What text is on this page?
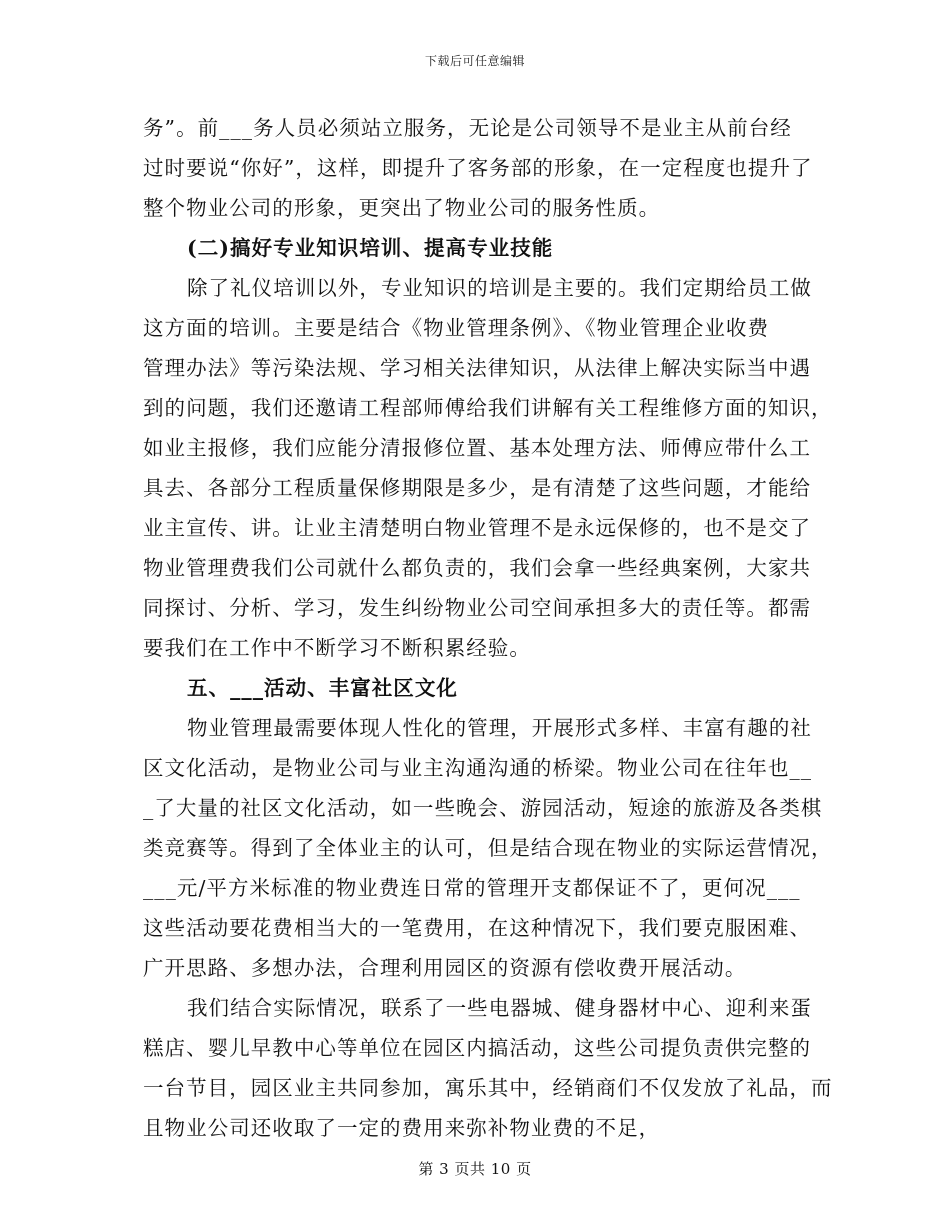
下载后可任意编辑
务”。前___务人员必须站立服务，无论是公司领导不是业主从前台经
过时要说“你好”，这样，即提升了客务部的形象，在一定程度也提升了
整个物业公司的形象，更突出了物业公司的服务性质。
(二)搞好专业知识培训、提高专业技能
除了礼仪培训以外，专业知识的培训是主要的。我们定期给员工做
这方面的培训。主要是结合《物业管理条例》、《物业管理企业收费
管理办法》等污染法规、学习相关法律知识，从法律上解决实际当中遇
到的问题，我们还邀请工程部师傅给我们讲解有关工程维修方面的知识，
如业主报修，我们应能分清报修位置、基本处理方法、师傅应带什么工
具去、各部分工程质量保修期限是多少，是有清楚了这些问题，才能给
业主宣传、讲。让业主清楚明白物业管理不是永远保修的，也不是交了
物业管理费我们公司就什么都负责的，我们会拿一些经典案例，大家共
同探讨、分析、学习，发生纠纷物业公司空间承担多大的责任等。都需
要我们在工作中不断学习不断积累经验。
五、___活动、丰富社区文化
物业管理最需要体现人性化的管理，开展形式多样、丰富有趣的社
区文化活动，是物业公司与业主沟通沟通的桥梁。物业公司在往年也__
_了大量的社区文化活动，如一些晚会、游园活动，短途的旅游及各类棋
类竞赛等。得到了全体业主的认可，但是结合现在物业的实际运营情况，
___元/平方米标准的物业费连日常的管理开支都保证不了，更何况___
这些活动要花费相当大的一笔费用，在这种情况下，我们要克服困难、
广开思路、多想办法，合理利用园区的资源有偿收费开展活动。
我们结合实际情况，联系了一些电器城、健身器材中心、迎利来蛋
糕店、婴儿早教中心等单位在园区内搞活动，这些公司提负责供完整的
一台节目，园区业主共同参加，寓乐其中，经销商们不仅发放了礼品，而
且物业公司还收取了一定的费用来弥补物业费的不足，
第 3 页共 10 页
